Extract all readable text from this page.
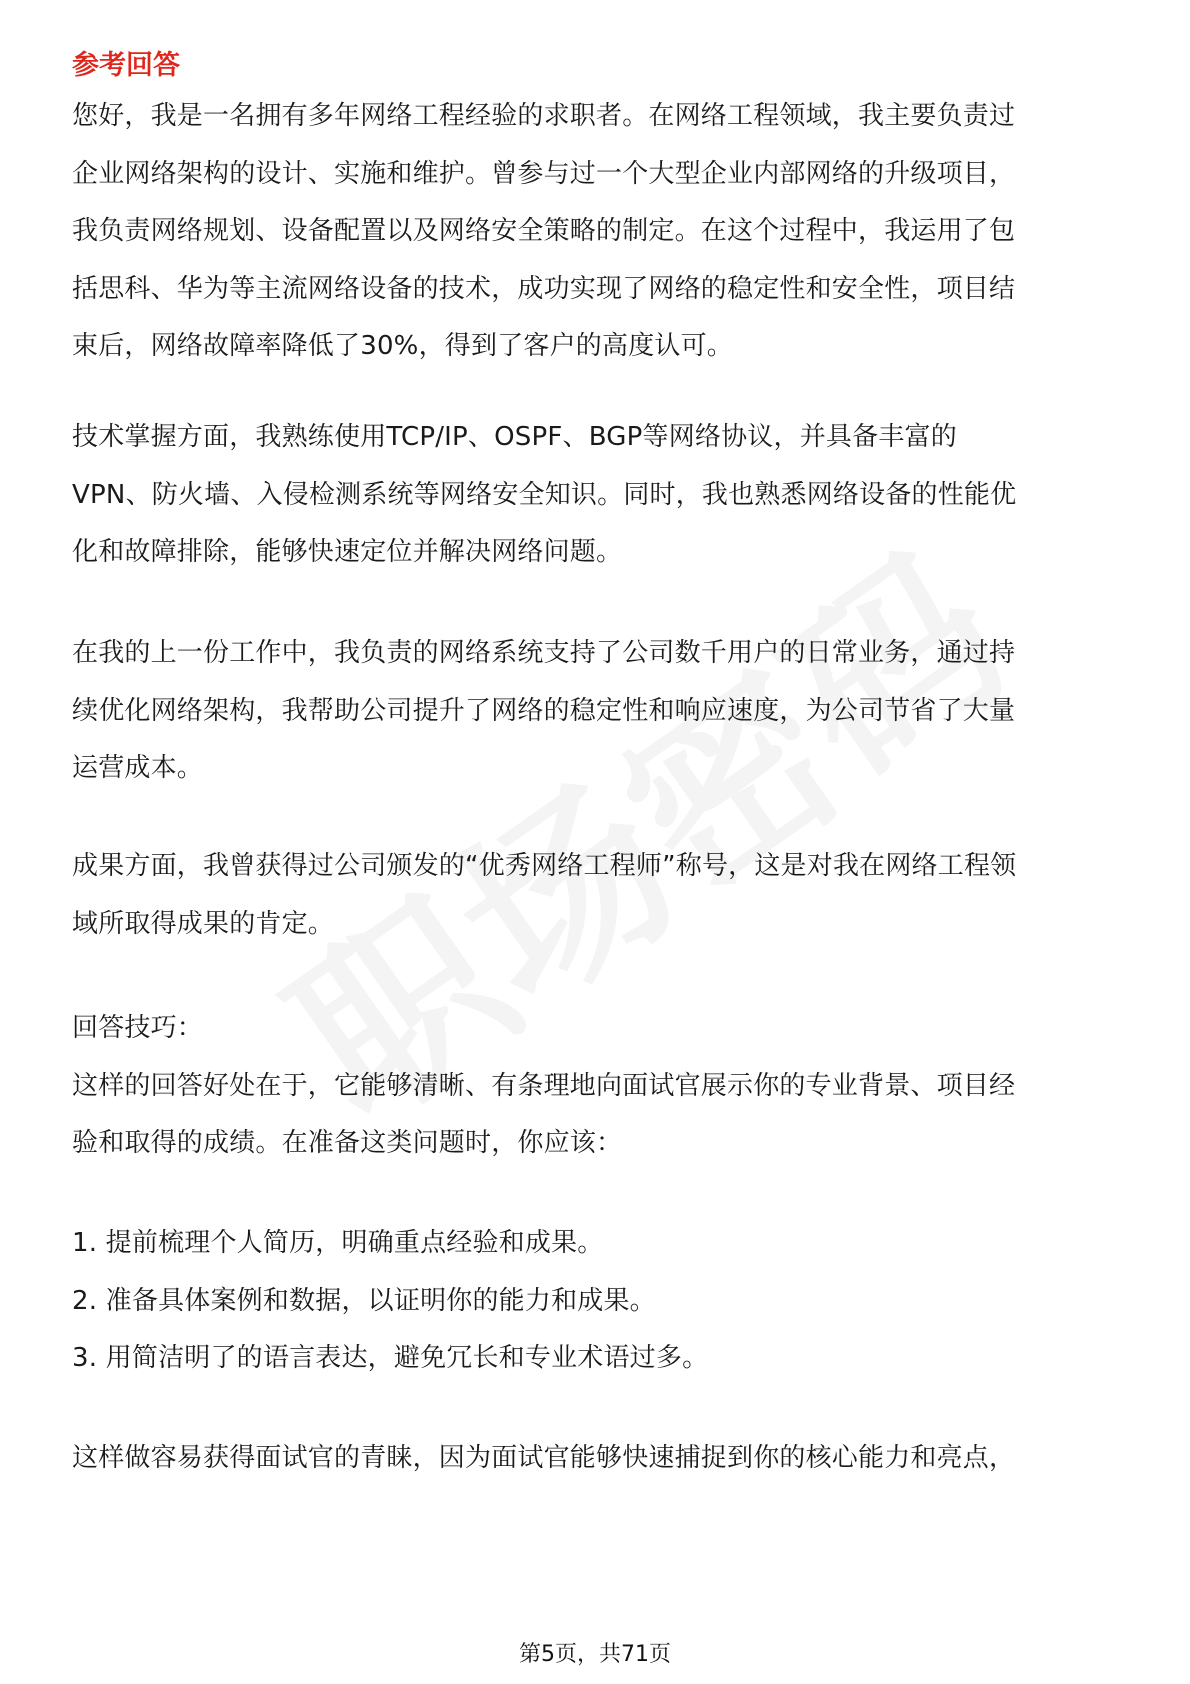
参考回答
您好，我是一名拥有多年网络工程经验的求职者。在网络工程领域，我主要负责过
企业网络架构的设计、实施和维护。曾参与过一个大型企业内部网络的升级项目，
我负责网络规划、设备配置以及网络安全策略的制定。在这个过程中，我运用了包
括思科、华为等主流网络设备的技术，成功实现了网络的稳定性和安全性，项目结
束后，网络故障率降低了30%，得到了客户的高度认可。
技术掌握方面，我熟练使用TCP/IP、OSPF、BGP等网络协议，并具备丰富的
VPN、防火墙、入侵检测系统等网络安全知识。同时，我也熟悉网络设备的性能优
化和故障排除，能够快速定位并解决网络问题。
在我的上一份工作中，我负责的网络系统支持了公司数千用户的日常业务，通过持
续优化网络架构，我帮助公司提升了网络的稳定性和响应速度，为公司节省了大量
运营成本。
成果方面，我曾获得过公司颁发的“优秀网络工程师”称号，这是对我在网络工程领
域所取得成果的肯定。
回答技巧：
这样的回答好处在于，它能够清晰、有条理地向面试官展示你的专业背景、项目经
验和取得的成绩。在准备这类问题时，你应该：
1. 提前梳理个人简历，明确重点经验和成果。
2. 准备具体案例和数据，以证明你的能力和成果。
3. 用简洁明了的语言表达，避免冗长和专业术语过多。
这样做容易获得面试官的青睐，因为面试官能够快速捕捉到你的核心能力和亮点，
第5页，共71页
